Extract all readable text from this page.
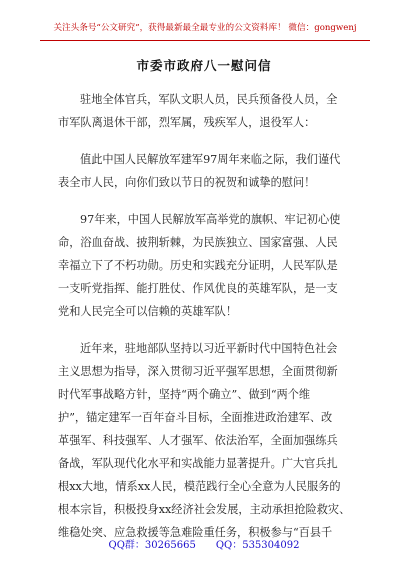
关注头条号“公文研究”，获得最新最全最专业的公文资料库！ 微信：gongwenj
市委市政府八一慰问信

驻地全体官兵，军队文职人员，民兵预备役人员，全
市军队离退休干部，烈军属，残疾军人，退役军人：

值此中国人民解放军建军97周年来临之际，我们谨代
表全市人民，向你们致以节日的祝贺和诚挚的慰问！

97年来，中国人民解放军高举党的旗帜、牢记初心使
命，浴血奋战、披荆斩棘，为民族独立、国家富强、人民
幸福立下了不朽功勋。历史和实践充分证明，人民军队是
一支听党指挥、能打胜仗、作风优良的英雄军队，是一支
党和人民完全可以信赖的英雄军队！

近年来，驻地部队坚持以习近平新时代中国特色社会
主义思想为指导，深入贯彻习近平强军思想，全面贯彻新
时代军事战略方针，坚持“两个确立”、做到“两个维
护”，锚定建军一百年奋斗目标，全面推进政治建军、改
革强军、科技强军、人才强军、依法治军，全面加强练兵
备战，军队现代化水平和实战能力显著提升。广大官兵扎
根xx大地，情系xx人民，模范践行全心全意为人民服务的
根本宗旨，积极投身xx经济社会发展，主动承担抢险救灾、
维稳处突、应急救援等急难险重任务，积极参与“百县千

QQ群：30265665 QQ：535304092
